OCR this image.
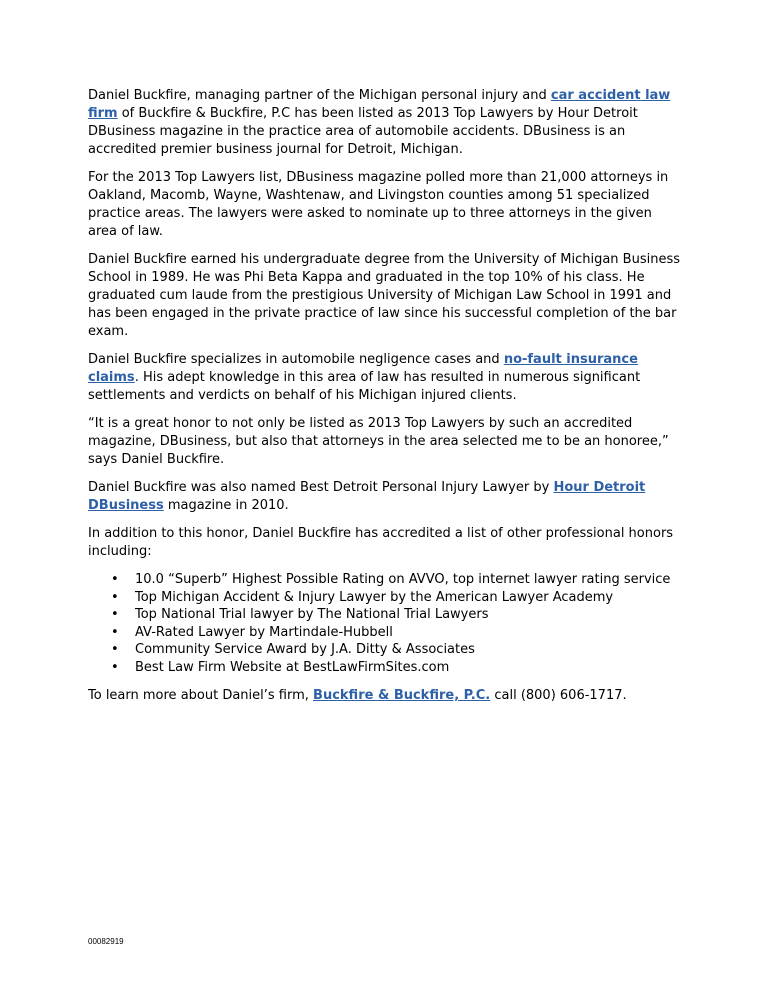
Daniel Buckfire, managing partner of the Michigan personal injury and car accident law firm of Buckfire & Buckfire, P.C has been listed as 2013 Top Lawyers by Hour Detroit DBusiness magazine in the practice area of automobile accidents. DBusiness is an accredited premier business journal for Detroit, Michigan.

For the 2013 Top Lawyers list, DBusiness magazine polled more than 21,000 attorneys in Oakland, Macomb, Wayne, Washtenaw, and Livingston counties among 51 specialized practice areas. The lawyers were asked to nominate up to three attorneys in the given area of law.

Daniel Buckfire earned his undergraduate degree from the University of Michigan Business School in 1989. He was Phi Beta Kappa and graduated in the top 10% of his class. He graduated cum laude from the prestigious University of Michigan Law School in 1991 and has been engaged in the private practice of law since his successful completion of the bar exam.

Daniel Buckfire specializes in automobile negligence cases and no-fault insurance claims. His adept knowledge in this area of law has resulted in numerous significant settlements and verdicts on behalf of his Michigan injured clients.

“It is a great honor to not only be listed as 2013 Top Lawyers by such an accredited magazine, DBusiness, but also that attorneys in the area selected me to be an honoree,” says Daniel Buckfire.

Daniel Buckfire was also named Best Detroit Personal Injury Lawyer by Hour Detroit DBusiness magazine in 2010.

In addition to this honor, Daniel Buckfire has accredited a list of other professional honors including:

• 10.0 “Superb” Highest Possible Rating on AVVO, top internet lawyer rating service
• Top Michigan Accident & Injury Lawyer by the American Lawyer Academy
• Top National Trial lawyer by The National Trial Lawyers
• AV-Rated Lawyer by Martindale-Hubbell
• Community Service Award by J.A. Ditty & Associates
• Best Law Firm Website at BestLawFirmSites.com

To learn more about Daniel’s firm, Buckfire & Buckfire, P.C. call (800) 606-1717.

00082919
